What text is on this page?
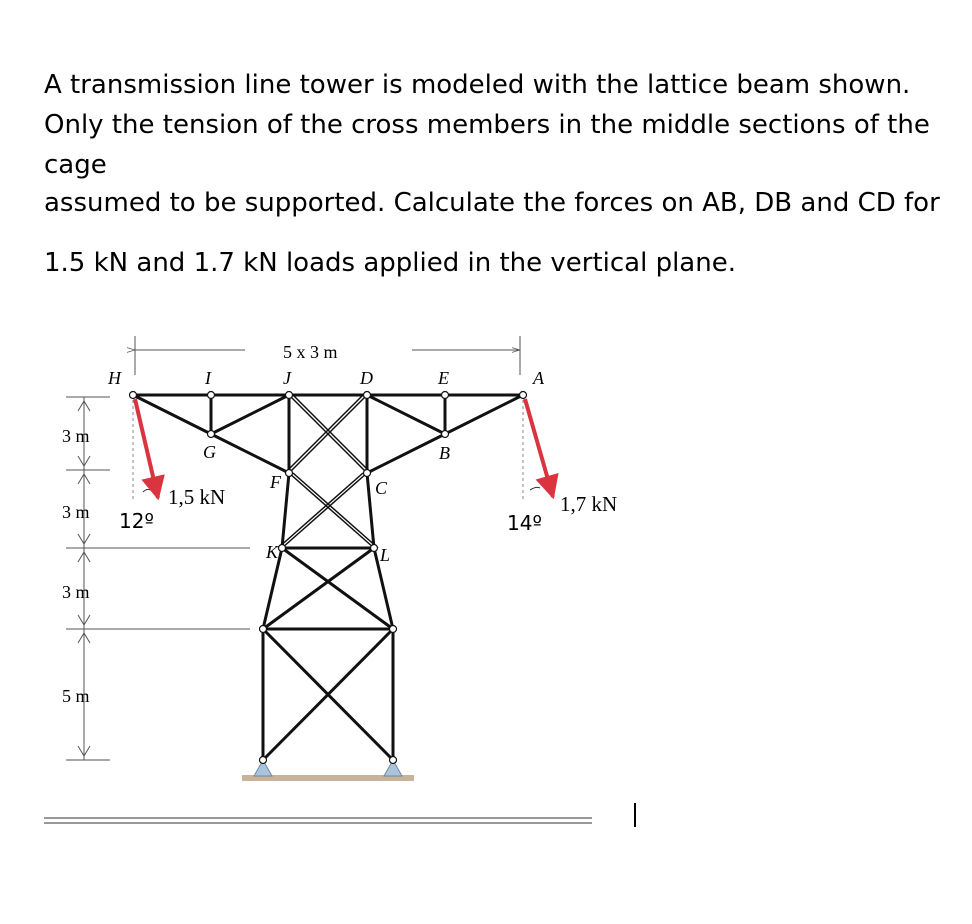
A transmission line tower is modeled with the lattice beam shown.
Only the tension of the cross members in the middle sections of the
cage
assumed to be supported. Calculate the forces on AB, DB and CD for
1.5 kN and 1.7 kN loads applied in the vertical plane.
5 x 3 m
3 m
3 m
3 m
5 m
H	I	J	D	E	A
G	B
F	C
K	L
1,5 kN
12º
1,7 kN
14º
